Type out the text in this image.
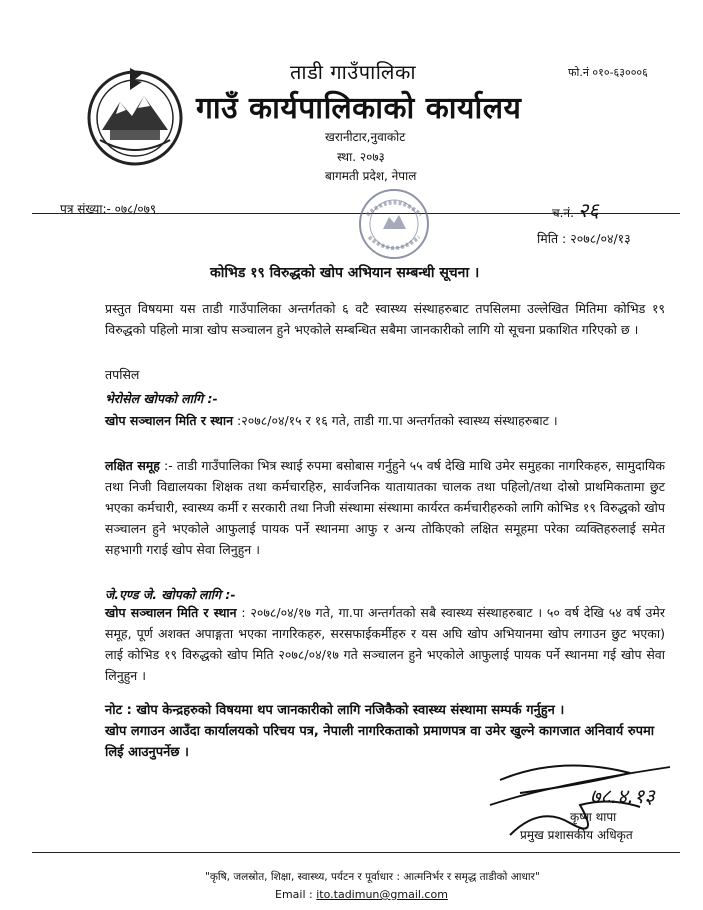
ताडी गाउँपालिका
गाउँ कार्यपालिकाको कार्यालय
खरानीटार,नुवाकोट
स्था. २०७३
बागमती प्रदेश, नेपाल
फो.नं ०१०-६३०००६
पत्र संख्या:- ०७८/०७९	च.नं. २६
मिति : २०७८/०४/१३
कोभिड १९ विरुद्धको खोप अभियान सम्बन्धी सूचना ।
प्रस्तुत विषयमा यस ताडी गाउँपालिका अन्तर्गतको ६ वटै स्वास्थ्य संस्थाहरुबाट तपसिलमा उल्लेखित मितिमा कोभिड १९ विरुद्धको पहिलो मात्रा खोप सञ्चालन हुने भएकोले सम्बन्धित सबैमा जानकारीको लागि यो सूचना प्रकाशित गरिएको छ ।
तपसिल
भेरोसेल खोपको लागि :-
खोप सञ्चालन मिति र स्थान :२०७८/०४/१५ र १६ गते, ताडी गा.पा अन्तर्गतको स्वास्थ्य संस्थाहरुबाट ।
लक्षित समूह :- ताडी गाउँपालिका भित्र स्थाई रुपमा बसोबास गर्नुहुने ५५ वर्ष देखि माथि उमेर समुहका नागरिकहरु, सामुदायिक तथा निजी विद्यालयका शिक्षक तथा कर्मचारहिरु, सार्वजनिक यातायातका चालक तथा पहिलो/तथा दोस्रो प्राथमिकतामा छुट भएका कर्मचारी, स्वास्थ्य कर्मी र सरकारी तथा निजी संस्थामा संस्थामा कार्यरत कर्मचारीहरुको लागि कोभिड १९ विरुद्धको खोप सञ्चालन हुने भएकोले आफुलाई पायक पर्ने स्थानमा आफु र अन्य तोकिएको लक्षित समूहमा परेका व्यक्तिहरुलाई समेत सहभागी गराई खोप सेवा लिनुहुन ।
जे.एण्ड जे. खोपको लागि :-
खोप सञ्चालन मिति र स्थान : २०७८/०४/१७ गते, गा.पा अन्तर्गतको सबै स्वास्थ्य संस्थाहरुबाट । ५० वर्ष देखि ५४ वर्ष उमेर समूह, पूर्ण अशक्त अपाङ्गता भएका नागरिकहरु, सरसफाईकर्मीहरु र यस अघि खोप अभियानमा खोप लगाउन छुट भएका) लाई कोभिड १९ विरुद्धको खोप मिति २०७८/०४/१७ गते सञ्चालन हुने भएकोले आफुलाई पायक पर्ने स्थानमा गई खोप सेवा लिनुहुन ।
नोट : खोप केन्द्रहरुको विषयमा थप जानकारीको लागि नजिकैको स्वास्थ्य संस्थामा सम्पर्क गर्नुहुन ।
खोप लगाउन आउँदा कार्यालयको परिचय पत्र, नेपाली नागरिकताको प्रमाणपत्र वा उमेर खुल्ने कागजात अनिवार्य रुपमा लिई आउनुपर्नेछ ।
७८.४.१३
कृष्ण थापा
प्रमुख प्रशासकीय अधिकृत
"कृषि, जलस्रोत, शिक्षा, स्वास्थ्य, पर्यटन र पूर्वाधार : आत्मनिर्भर र समृद्ध ताडीको आधार"
Email : ito.tadimun@gmail.com
